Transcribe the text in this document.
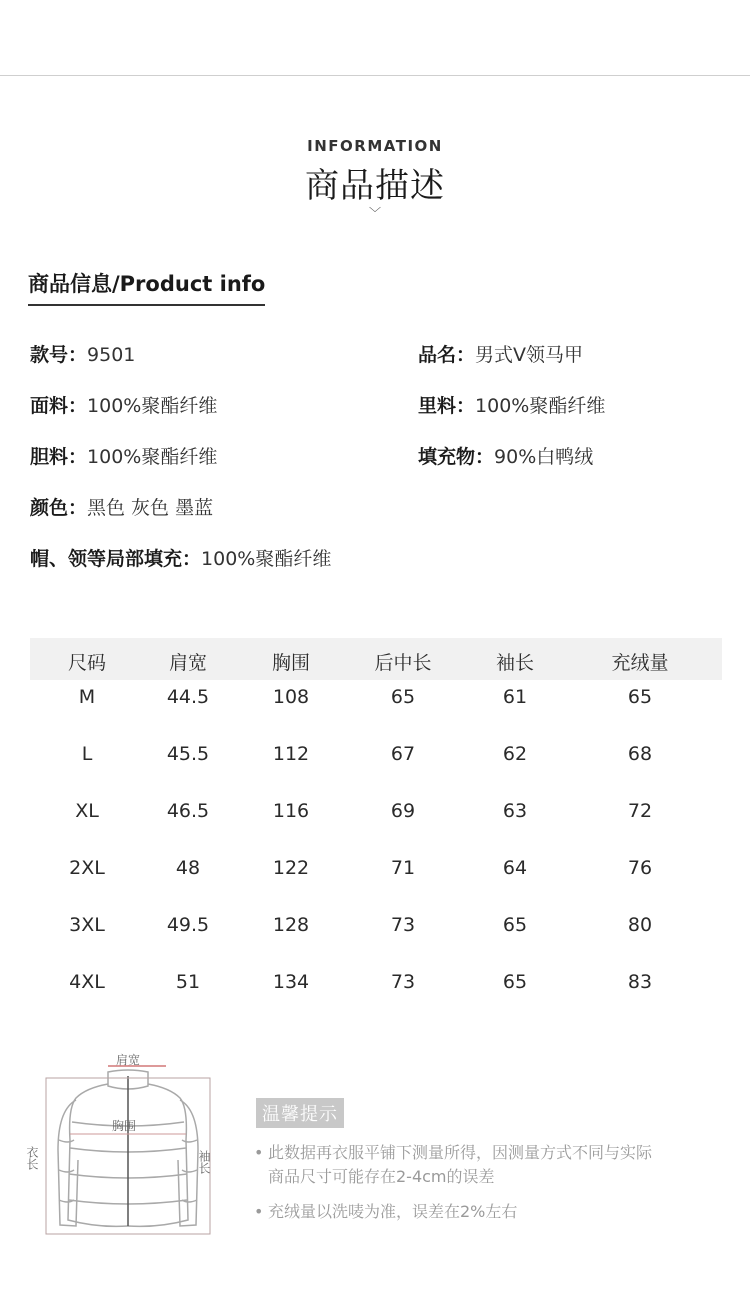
INFORMATION
商品描述
﹀
商品信息/Product info
款号：9501	品名：男式V领马甲
面料：100%聚酯纤维	里料：100%聚酯纤维
胆料：100%聚酯纤维	填充物：90%白鸭绒
颜色：黑色 灰色 墨蓝
帽、领等局部填充：100%聚酯纤维
尺码	肩宽	胸围	后中长	袖长	充绒量
M	44.5	108	65	61	65
L	45.5	112	67	62	68
XL	46.5	116	69	63	72
2XL	48	122	71	64	76
3XL	49.5	128	73	65	80
4XL	51	134	73	65	83
肩宽
胸围
衣长	袖长
温馨提示
• 此数据再衣服平铺下测量所得，因测量方式不同与实际
商品尺寸可能存在2-4cm的误差
• 充绒量以洗唛为准，误差在2%左右
